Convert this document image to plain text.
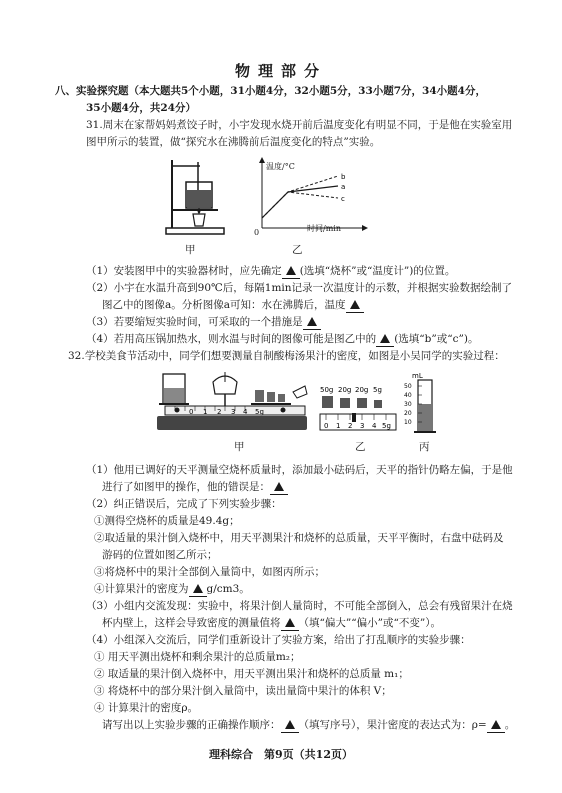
物理部分
八、实验探究题（本大题共5个小题，31小题4分，32小题5分，33小题7分，34小题4分，
35小题4分，共24分）
31.周末在家帮妈妈煮饺子时，小宇发现水烧开前后温度变化有明显不同，于是他在实验室用
图甲所示的装置，做“探究水在沸腾前后温度变化的特点”实验。
甲
b
a
c
温度/°C
时间/min
0
乙
（1）安装图甲中的实验器材时，应先确定 (选填“烧杯”或“温度计”)的位置。
（2）小宇在水温升高到90℃后，每隔1min记录一次温度计的示数，并根据实验数据绘制了
图乙中的图像a。分析图像a可知：水在沸腾后，温度
（3）若要缩短实验时间，可采取的一个措施是
（4）若用高压锅加热水，则水温与时间的图像可能是图乙中的 (选填“b”或“c”)。
32.学校美食节活动中，同学们想要测量自制酸梅汤果汁的密度，如图是小吴同学的实验过程：
0 1 2 3 4 5g
甲
50g 20g 20g 5g
0 1 2 3 4 5g
乙
mL
50
40
30
20
10
丙
（1）他用已调好的天平测量空烧杯质量时，添加最小砝码后，天平的指针仍略左偏，于是他
进行了如图甲的操作，他的错误是：
（2）纠正错误后，完成了下列实验步骤：
①测得空烧杯的质量是49.4g；
②取适量的果汁倒入烧杯中，用天平测果汁和烧杯的总质量，天平平衡时，右盘中砝码及
游码的位置如图乙所示；
③将烧杯中的果汁全部倒入量筒中，如图丙所示；
④计算果汁的密度为 g/cm3。
（3）小组内交流发现：实验中，将果汁倒人量筒时，不可能全部倒入，总会有残留果汁在烧
杯内壁上，这样会导致密度的测量值将 （填“偏大”“偏小”或“不变”）。
（4）小组深入交流后，同学们重新设计了实验方案，给出了打乱顺序的实验步骤：
① 用天平测出烧杯和剩余果汁的总质量m₂；
② 取适量的果汁倒入烧杯中，用天平测出果汁和烧杯的总质量 m₁；
③ 将烧杯中的部分果汁倒入量筒中，读出量筒中果汁的体积 V；
④ 计算果汁的密度ρ。
请写出以上实验步骤的正确操作顺序： （填写序号），果汁密度的表达式为：ρ= 。
理科综合　第9页（共12页）
